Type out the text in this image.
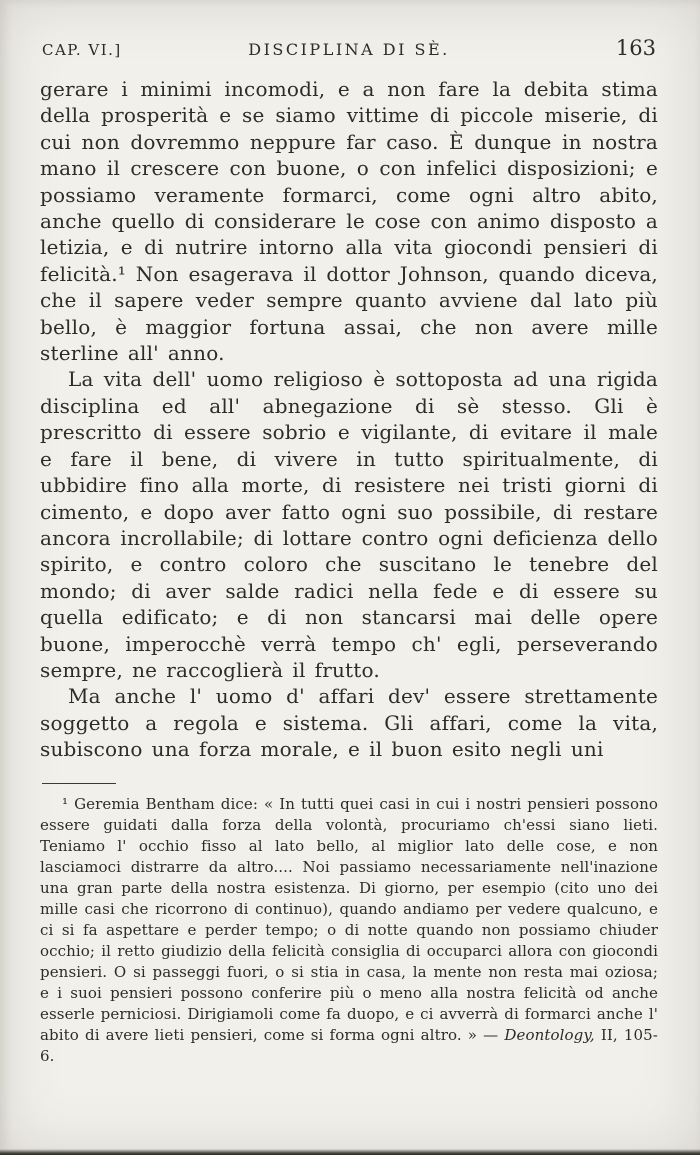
CAP. VI.]	DISCIPLINA DI SÈ.	163

gerare i minimi incomodi, e a non fare la debita stima della prosperità e se siamo vittime di piccole miserie, di cui non dovremmo neppure far caso. È dunque in nostra mano il crescere con buone, o con infelici disposizioni; e possiamo veramente formarci, come ogni altro abito, anche quello di considerare le cose con animo disposto a letizia, e di nutrire intorno alla vita giocondi pensieri di felicità.¹ Non esagerava il dottor Johnson, quando diceva, che il sapere veder sempre quanto avviene dal lato più bello, è maggior fortuna assai, che non avere mille sterline all' anno.

La vita dell' uomo religioso è sottoposta ad una rigida disciplina ed all' abnegazione di sè stesso. Gli è prescritto di essere sobrio e vigilante, di evitare il male e fare il bene, di vivere in tutto spiritualmente, di ubbidire fino alla morte, di resistere nei tristi giorni di cimento, e dopo aver fatto ogni suo possibile, di restare ancora incrollabile; di lottare contro ogni deficienza dello spirito, e contro coloro che suscitano le tenebre del mondo; di aver salde radici nella fede e di essere su quella edificato; e di non stancarsi mai delle opere buone, imperocchè verrà tempo ch' egli, perseverando sempre, ne raccoglierà il frutto.

Ma anche l' uomo d' affari dev' essere strettamente soggetto a regola e sistema. Gli affari, come la vita, subiscono una forza morale, e il buon esito negli uni

¹ Geremia Bentham dice: « In tutti quei casi in cui i nostri pensieri possono essere guidati dalla forza della volontà, procuriamo ch'essi siano lieti. Teniamo l' occhio fisso al lato bello, al miglior lato delle cose, e non lasciamoci distrarre da altro.... Noi passiamo necessariamente nell'inazione una gran parte della nostra esistenza. Di giorno, per esempio (cito uno dei mille casi che ricorrono di continuo), quando andiamo per vedere qualcuno, e ci si fa aspettare e perder tempo; o di notte quando non possiamo chiuder occhio; il retto giudizio della felicità consiglia di occuparci allora con giocondi pensieri. O si passeggi fuori, o si stia in casa, la mente non resta mai oziosa; e i suoi pensieri possono conferire più o meno alla nostra felicità od anche esserle perniciosi. Dirigiamoli come fa duopo, e ci avverrà di formarci anche l' abito di avere lieti pensieri, come si forma ogni altro. » — Deontology, II, 105-6.
